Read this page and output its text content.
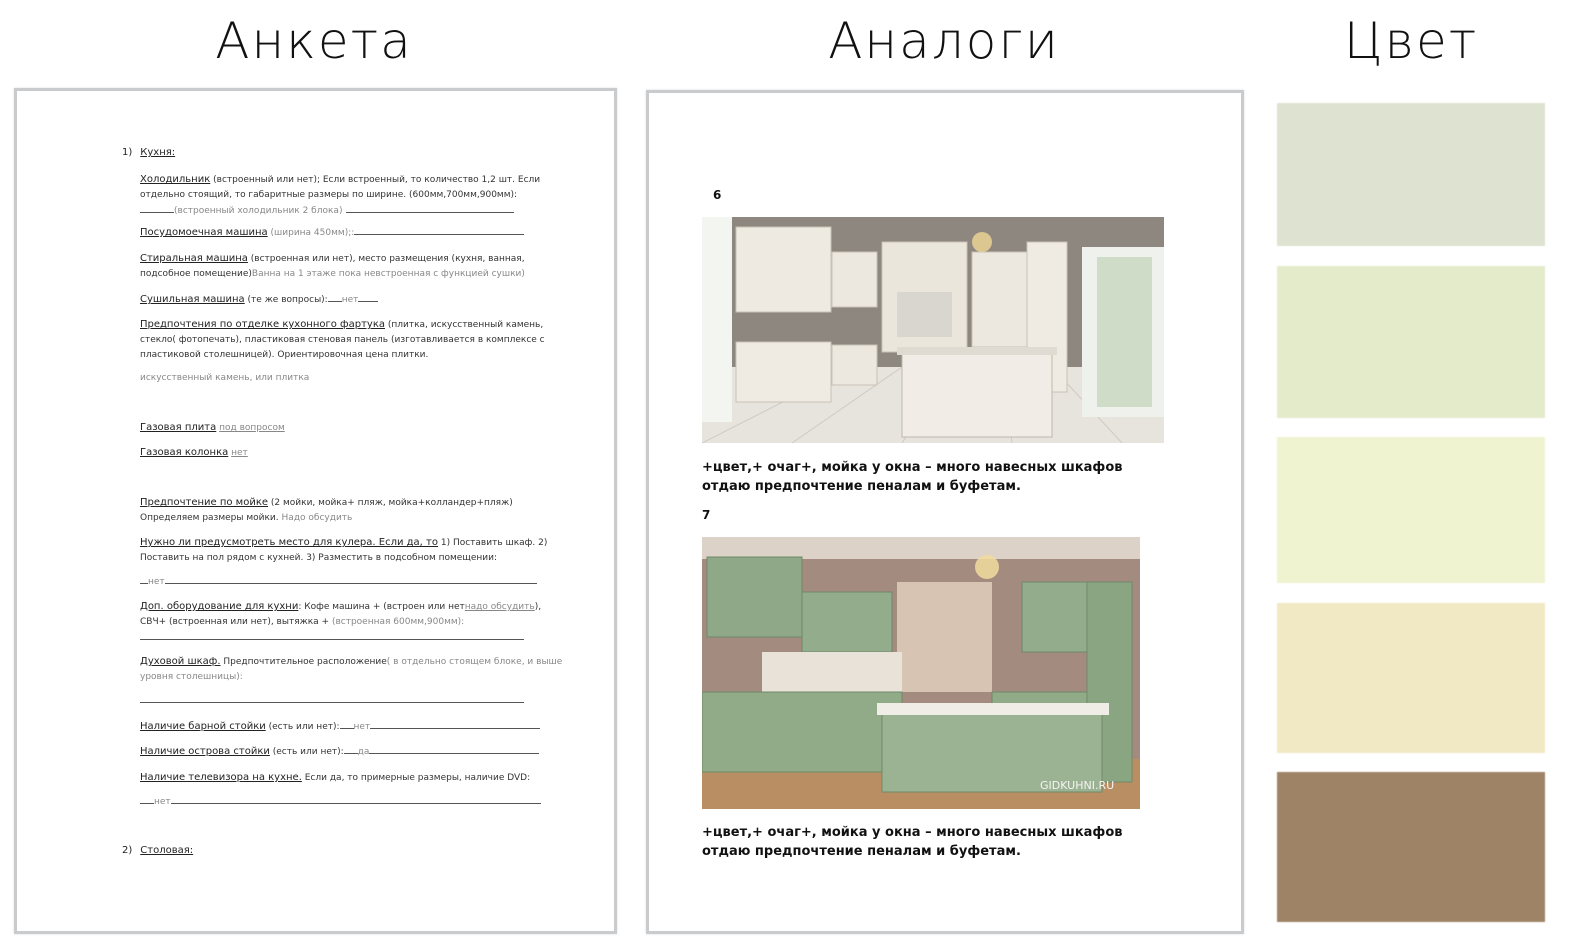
Анкета	Аналоги	Цвет
1) Кухня:
Холодильник (встроенный или нет); Если встроенный, то количество 1,2 шт. Если отдельно стоящий, то габаритные размеры по ширине. (600мм,700мм,900мм):
(встроенный холодильник 2 блока)
Посудомоечная машина (ширина 450мм);:
Стиральная машина (встроенная или нет), место размещения (кухня, ванная, подсобное помещение)Ванна на 1 этаже пока невстроенная с функцией сушки)
Сушильная машина (те же вопросы): нет
Предпочтения по отделке кухонного фартука (плитка, искусственный камень, стекло( фотопечать), пластиковая стеновая панель (изготавливается в комплексе с пластиковой столешницей). Ориентировочная цена плитки.
искусственный камень, или плитка
Газовая плита под вопросом
Газовая колонка нет
Предпочтение по мойке (2 мойки, мойка+ пляж, мойка+колландер+пляж)
Определяем размеры мойки. Надо обсудить
Нужно ли предусмотреть место для кулера. Если да, то 1) Поставить шкаф. 2) Поставить на пол рядом с кухней. 3) Разместить в подсобном помещении:
нет
Доп. оборудование для кухни: Кофе машина + (встроен или нетнадо обсудить), СВЧ+ (встроенная или нет), вытяжка + (встроенная 600мм,900мм):

Духовой шкаф. Предпочтительное расположение( в отдельно стоящем блоке, и выше уровня столешницы):

Наличие барной стойки (есть или нет): нет
Наличие острова стойки (есть или нет): да
Наличие телевизора на кухне. Если да, то примерные размеры, наличие DVD:
нет
2) Столовая:
6
+цвет,+ очаг+, мойка у окна – много навесных шкафов отдаю предпочтение пеналам и буфетам.
7
GIDKUHNI.RU
+цвет,+ очаг+, мойка у окна – много навесных шкафов отдаю предпочтение пеналам и буфетам.
